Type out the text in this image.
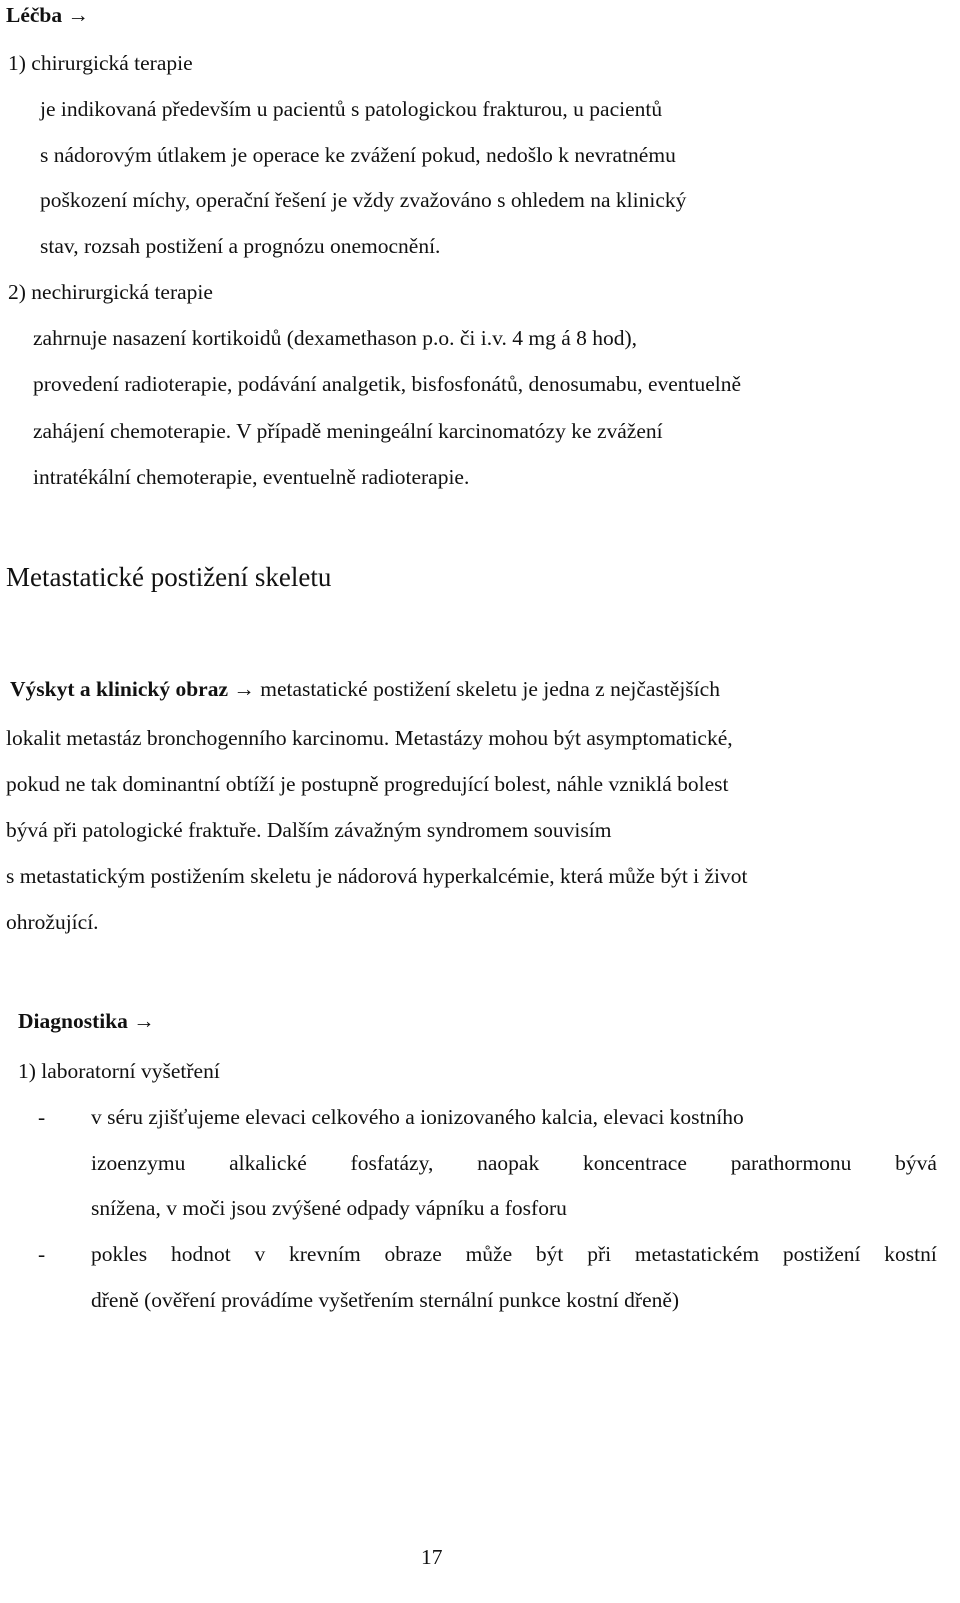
Léčba →
1) chirurgická terapie
je indikovaná především u pacientů s patologickou frakturou, u pacientů
s nádorovým útlakem je operace ke zvážení pokud, nedošlo k nevratnému
poškození míchy, operační řešení je vždy zvažováno s ohledem na klinický
stav, rozsah postižení a prognózu onemocnění.
2) nechirurgická terapie
zahrnuje nasazení kortikoidů (dexamethason p.o. či i.v. 4 mg á 8 hod),
provedení radioterapie, podávání analgetik, bisfosfonátů, denosumabu, eventuelně
zahájení chemoterapie. V případě meningeální karcinomatózy ke zvážení
intratékální chemoterapie, eventuelně radioterapie.
Metastatické postižení skeletu
Výskyt a klinický obraz → metastatické postižení skeletu je jedna z nejčastějších
lokalit metastáz bronchogenního karcinomu. Metastázy mohou být asymptomatické,
pokud ne tak dominantní obtíží je postupně progredující bolest, náhle vzniklá bolest
bývá při patologické fraktuře. Dalším závažným syndromem souvisím
s metastatickým postižením skeletu je nádorová hyperkalcémie, která může být i život
ohrožující.
Diagnostika →
1) laboratorní vyšetření
- v séru zjišťujeme elevaci celkového a ionizovaného kalcia, elevaci kostního
izoenzymu alkalické fosfatázy, naopak koncentrace parathormonu bývá
snížena, v moči jsou zvýšené odpady vápníku a fosforu
- pokles hodnot v krevním obraze může být při metastatickém postižení kostní
dřeně (ověření provádíme vyšetřením sternální punkce kostní dřeně)
17
